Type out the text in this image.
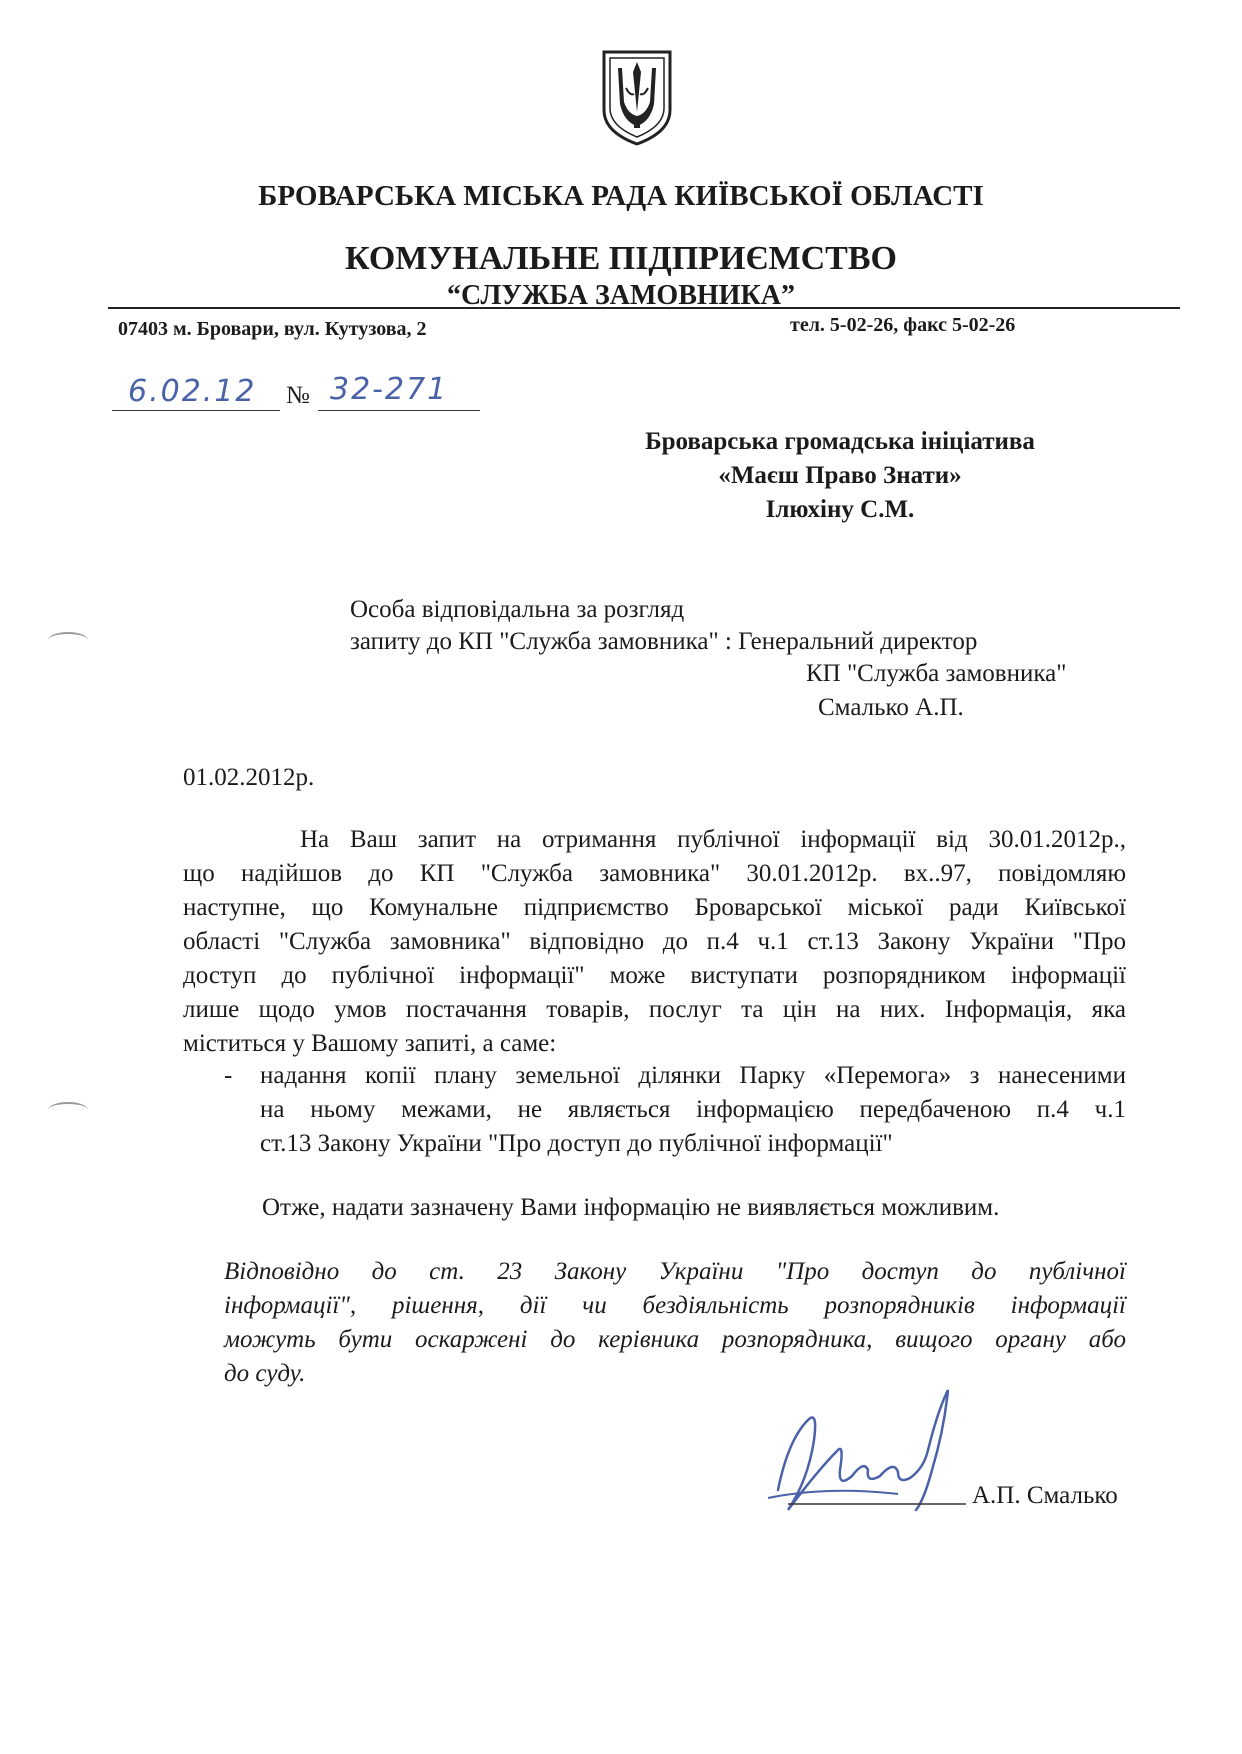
БРОВАРСЬКА МІСЬКА РАДА КИЇВСЬКОЇ ОБЛАСТІ
КОМУНАЛЬНЕ ПІДПРИЄМСТВО
“СЛУЖБА ЗАМОВНИКА”
07403 м. Бровари, вул. Кутузова, 2	тел. 5-02-26, факс 5-02-26
6.02.12 № 32-271
Броварська громадська ініціатива
«Маєш Право Знати»
Ілюхіну С.М.
Особа відповідальна за розгляд
запиту до КП "Служба замовника" : Генеральний директор
КП "Служба замовника"
Смалько А.П.
01.02.2012р.
На Ваш запит на отримання публічної інформації від 30.01.2012р.,
що надійшов до КП "Служба замовника" 30.01.2012р. вх..97, повідомляю
наступне, що Комунальне підприємство Броварської міської ради Київської
області "Служба замовника" відповідно до п.4 ч.1 ст.13 Закону України "Про
доступ до публічної інформації" може виступати розпорядником інформації
лише щодо умов постачання товарів, послуг та цін на них. Інформація, яка
міститься у Вашому запиті, а саме:
- надання копії плану земельної ділянки Парку «Перемога» з нанесеними
на ньому межами, не являється інформацією передбаченою п.4 ч.1
ст.13 Закону України "Про доступ до публічної інформації"
Отже, надати зазначену Вами інформацію не виявляється можливим.
Відповідно до ст. 23 Закону України "Про доступ до публічної
інформації", рішення, дії чи бездіяльність розпорядників інформації
можуть бути оскаржені до керівника розпорядника, вищого органу або
до суду.
А.П. Смалько
